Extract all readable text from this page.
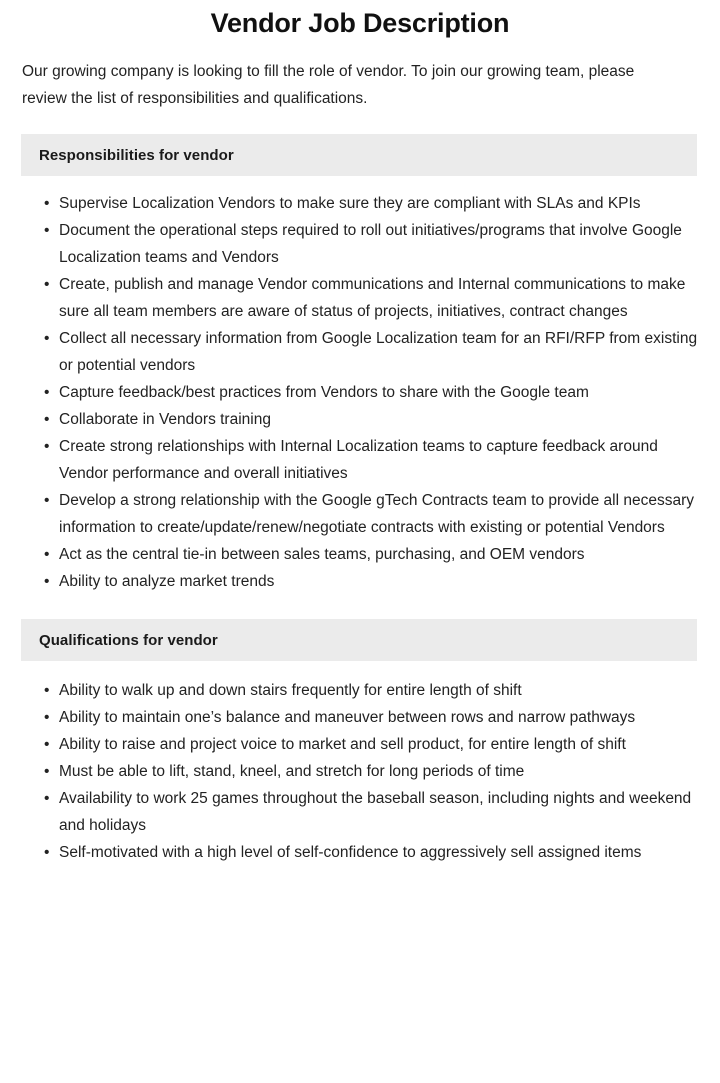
Vendor Job Description

Our growing company is looking to fill the role of vendor. To join our growing team, please review the list of responsibilities and qualifications.

Responsibilities for vendor
• Supervise Localization Vendors to make sure they are compliant with SLAs and KPIs
• Document the operational steps required to roll out initiatives/programs that involve Google Localization teams and Vendors
• Create, publish and manage Vendor communications and Internal communications to make sure all team members are aware of status of projects, initiatives, contract changes
• Collect all necessary information from Google Localization team for an RFI/RFP from existing or potential vendors
• Capture feedback/best practices from Vendors to share with the Google team
• Collaborate in Vendors training
• Create strong relationships with Internal Localization teams to capture feedback around Vendor performance and overall initiatives
• Develop a strong relationship with the Google gTech Contracts team to provide all necessary information to create/update/renew/negotiate contracts with existing or potential Vendors
• Act as the central tie-in between sales teams, purchasing, and OEM vendors
• Ability to analyze market trends
Qualifications for vendor
• Ability to walk up and down stairs frequently for entire length of shift
• Ability to maintain one’s balance and maneuver between rows and narrow pathways
• Ability to raise and project voice to market and sell product, for entire length of shift
• Must be able to lift, stand, kneel, and stretch for long periods of time
• Availability to work 25 games throughout the baseball season, including nights and weekend and holidays
• Self-motivated with a high level of self-confidence to aggressively sell assigned items
